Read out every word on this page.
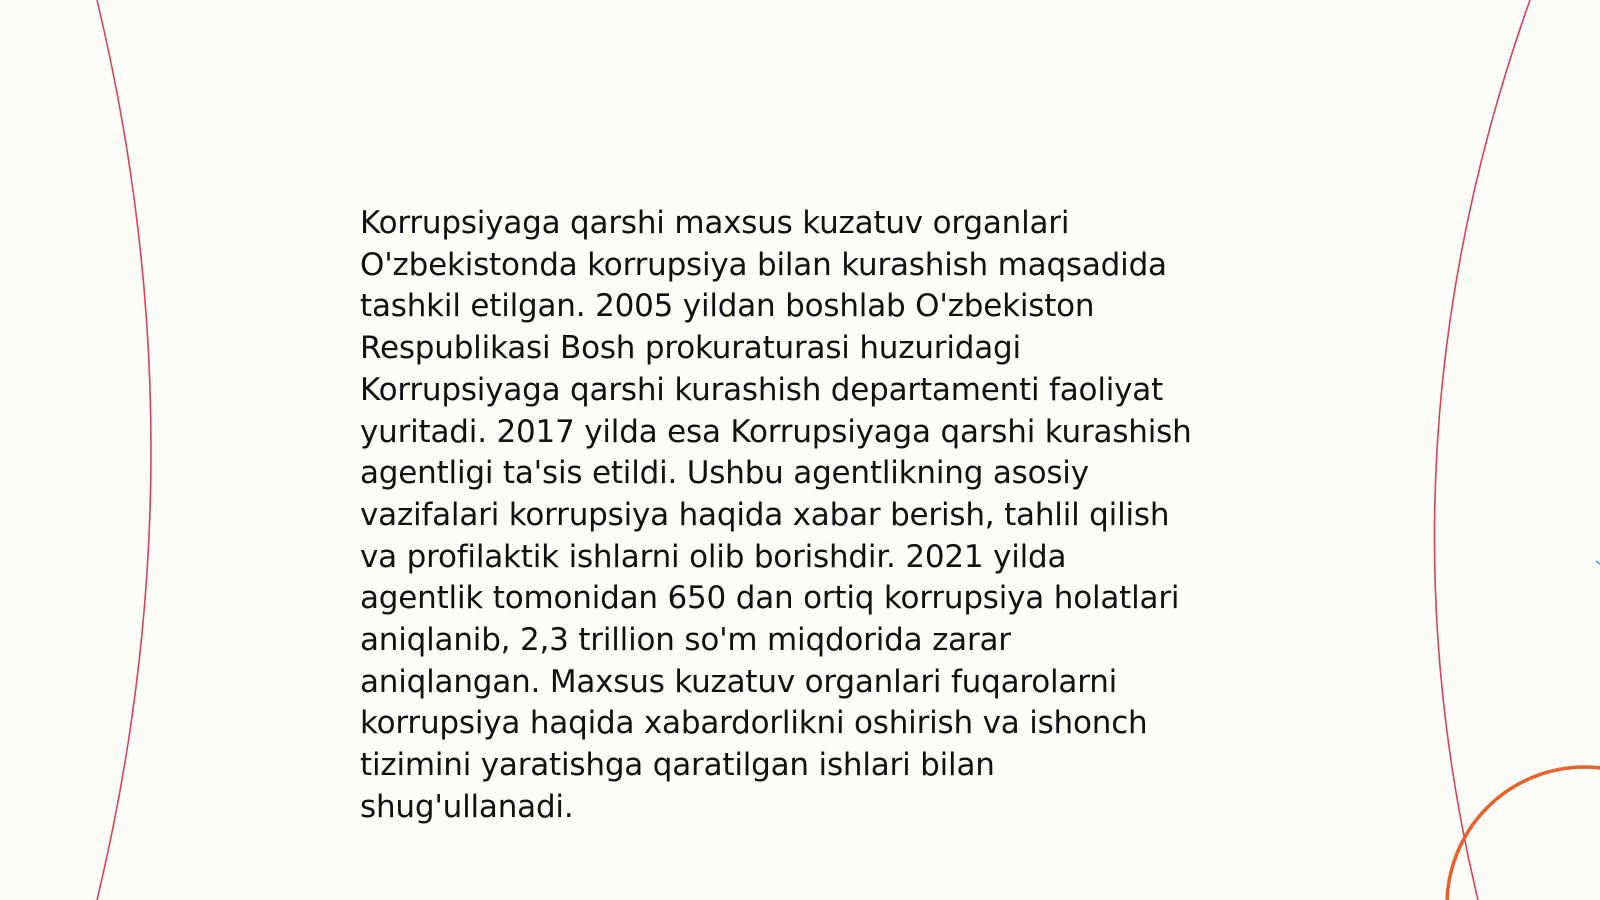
Korrupsiyaga qarshi maxsus kuzatuv organlari
O'zbekistonda korrupsiya bilan kurashish maqsadida
tashkil etilgan. 2005 yildan boshlab O'zbekiston
Respublikasi Bosh prokuraturasi huzuridagi
Korrupsiyaga qarshi kurashish departamenti faoliyat
yuritadi. 2017 yilda esa Korrupsiyaga qarshi kurashish
agentligi ta'sis etildi. Ushbu agentlikning asosiy
vazifalari korrupsiya haqida xabar berish, tahlil qilish
va profilaktik ishlarni olib borishdir. 2021 yilda
agentlik tomonidan 650 dan ortiq korrupsiya holatlari
aniqlanib, 2,3 trillion so'm miqdorida zarar
aniqlangan. Maxsus kuzatuv organlari fuqarolarni
korrupsiya haqida xabardorlikni oshirish va ishonch
tizimini yaratishga qaratilgan ishlari bilan
shug'ullanadi.
